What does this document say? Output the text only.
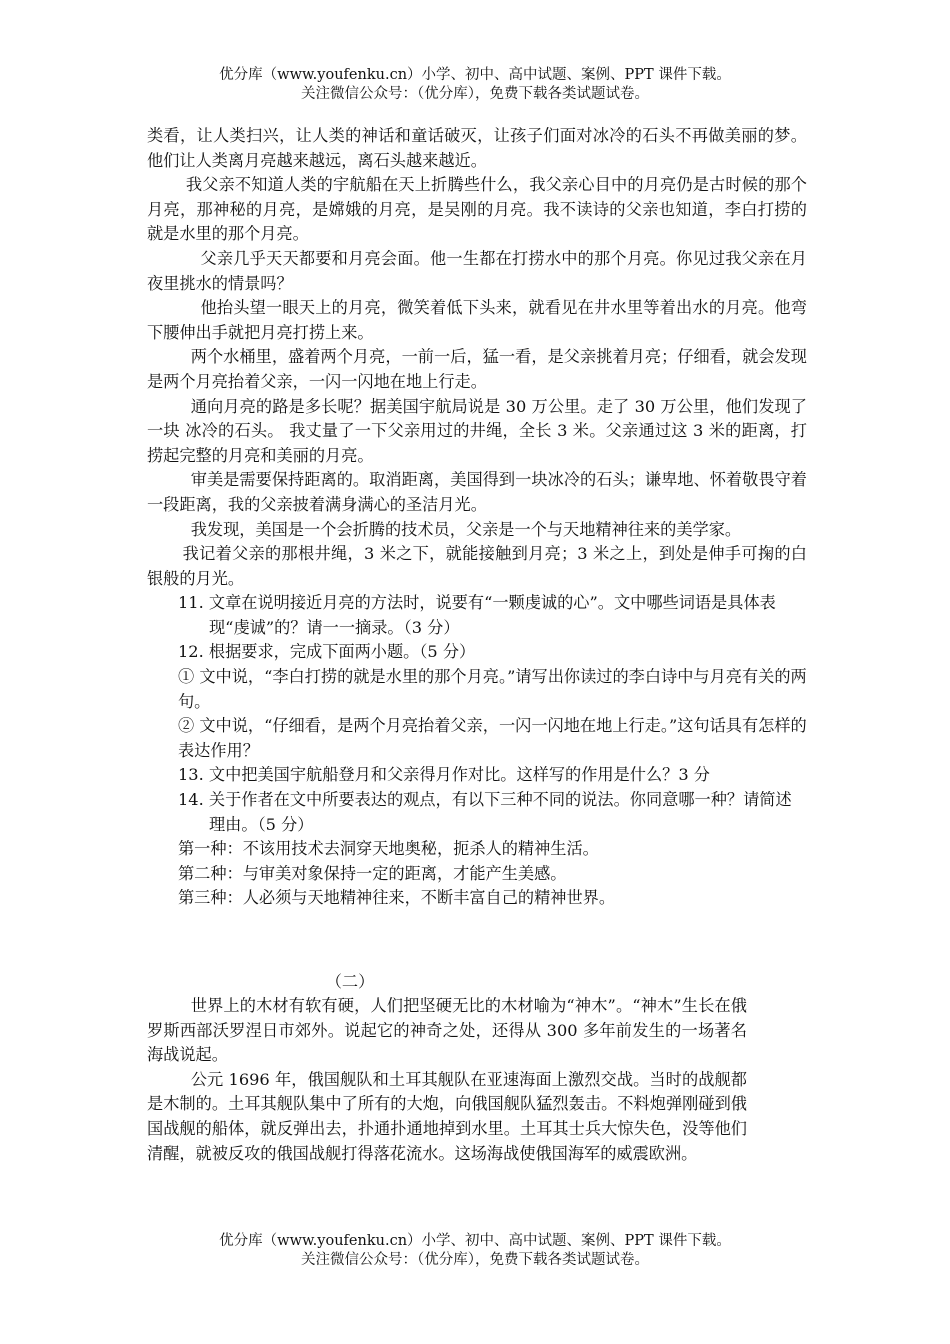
优分库（www.youfenku.cn）小学、初中、高中试题、案例、PPT 课件下载。
关注微信公众号：（优分库），免费下载各类试题试卷。

类看，让人类扫兴，让人类的神话和童话破灭，让孩子们面对冰冷的石头不再做美丽的梦。他们让人类离月亮越来越远，离石头越来越近。

我父亲不知道人类的宇航船在天上折腾些什么，我父亲心目中的月亮仍是古时候的那个月亮，那神秘的月亮，是嫦娥的月亮，是吴刚的月亮。我不读诗的父亲也知道，李白打捞的就是水里的那个月亮。

父亲几乎天天都要和月亮会面。他一生都在打捞水中的那个月亮。你见过我父亲在月夜里挑水的情景吗？

他抬头望一眼天上的月亮，微笑着低下头来，就看见在井水里等着出水的月亮。他弯下腰伸出手就把月亮打捞上来。

两个水桶里，盛着两个月亮，一前一后，猛一看，是父亲挑着月亮；仔细看，就会发现是两个月亮抬着父亲，一闪一闪地在地上行走。

通向月亮的路是多长呢？据美国宇航局说是 30 万公里。走了 30 万公里，他们发现了一块 冰冷的石头。 我丈量了一下父亲用过的井绳，全长 3 米。父亲通过这 3 米的距离，打捞起完整的月亮和美丽的月亮。

审美是需要保持距离的。取消距离，美国得到一块冰冷的石头；谦卑地、怀着敬畏守着一段距离，我的父亲披着满身满心的圣洁月光。

我发现，美国是一个会折腾的技术员，父亲是一个与天地精神往来的美学家。

我记着父亲的那根井绳，3 米之下，就能接触到月亮；3 米之上，到处是伸手可掬的白银般的月光。

11. 文章在说明接近月亮的方法时，说要有“一颗虔诚的心”。文中哪些词语是具体表现“虔诚”的？请一一摘录。（3 分）

12. 根据要求，完成下面两小题。（5 分）

① 文中说，“李白打捞的就是水里的那个月亮。”请写出你读过的李白诗中与月亮有关的两句。

② 文中说，“仔细看，是两个月亮抬着父亲，一闪一闪地在地上行走。”这句话具有怎样的表达作用？

13. 文中把美国宇航船登月和父亲得月作对比。这样写的作用是什么？3 分

14. 关于作者在文中所要表达的观点，有以下三种不同的说法。你同意哪一种？请简述理由。（5 分）

第一种：不该用技术去洞穿天地奥秘，扼杀人的精神生活。

第二种：与审美对象保持一定的距离，才能产生美感。

第三种：人必须与天地精神往来，不断丰富自己的精神世界。

（二）

世界上的木材有软有硬，人们把坚硬无比的木材喻为“神木”。“神木”生长在俄罗斯西部沃罗涅日市郊外。说起它的神奇之处，还得从 300 多年前发生的一场著名海战说起。

公元 1696 年，俄国舰队和土耳其舰队在亚速海面上激烈交战。当时的战舰都是木制的。土耳其舰队集中了所有的大炮，向俄国舰队猛烈轰击。不料炮弹刚碰到俄国战舰的船体，就反弹出去，扑通扑通地掉到水里。土耳其士兵大惊失色，没等他们清醒，就被反攻的俄国战舰打得落花流水。这场海战使俄国海军的威震欧洲。

优分库（www.youfenku.cn）小学、初中、高中试题、案例、PPT 课件下载。
关注微信公众号：（优分库），免费下载各类试题试卷。
